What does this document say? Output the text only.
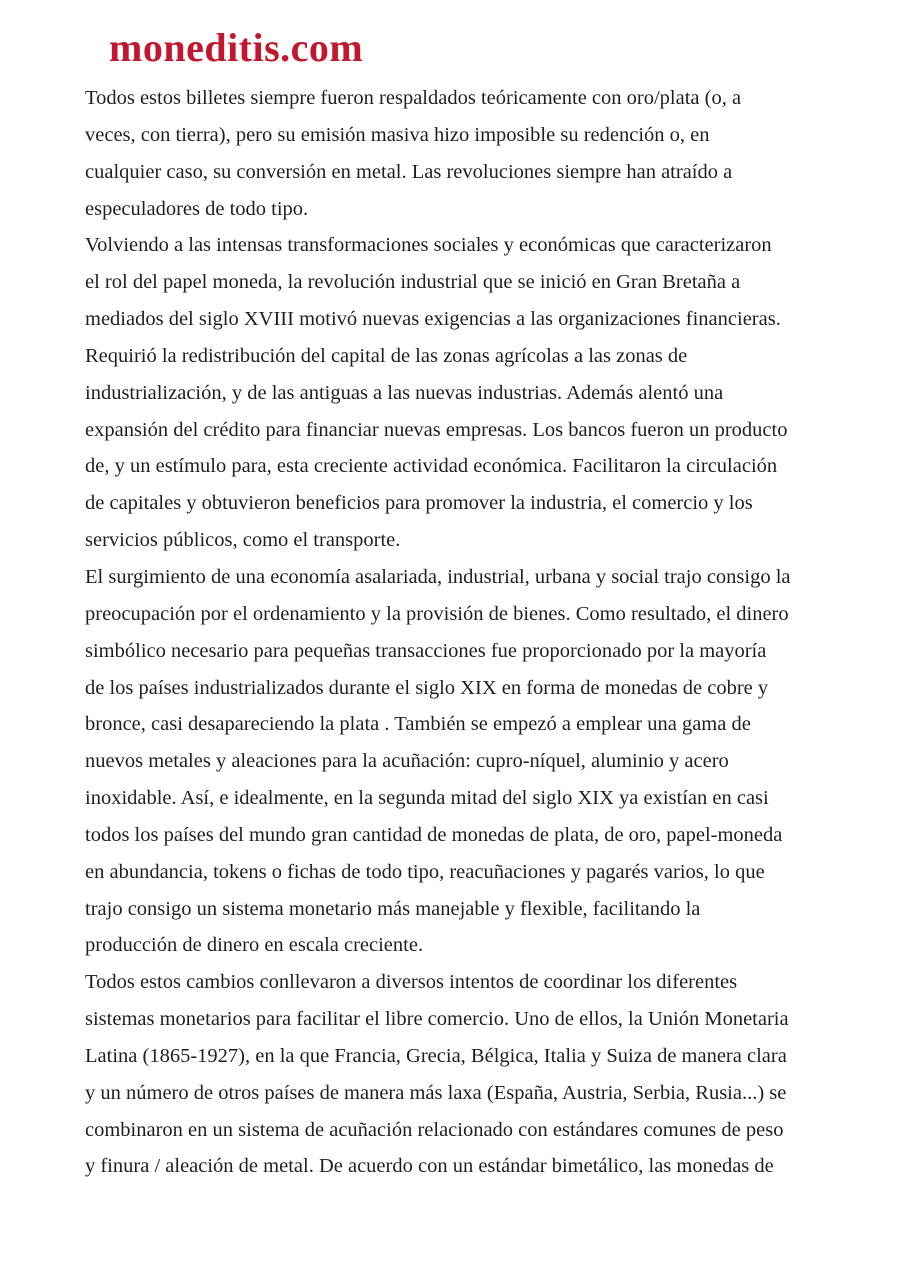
moneditis.com
Todos estos billetes siempre fueron respaldados teóricamente con oro/plata (o, a
veces, con tierra), pero su emisión masiva hizo imposible su redención o, en
cualquier caso, su conversión en metal. Las revoluciones siempre han atraído a
especuladores de todo tipo.
Volviendo a las intensas transformaciones sociales y económicas que caracterizaron
el rol del papel moneda, la revolución industrial que se inició en Gran Bretaña a
mediados del siglo XVIII motivó nuevas exigencias a las organizaciones financieras.
Requirió la redistribución del capital de las zonas agrícolas a las zonas de
industrialización, y de las antiguas a las nuevas industrias. Además alentó una
expansión del crédito para financiar nuevas empresas. Los bancos fueron un producto
de, y un estímulo para, esta creciente actividad económica. Facilitaron la circulación
de capitales y obtuvieron beneficios para promover la industria, el comercio y los
servicios públicos, como el transporte.
El surgimiento de una economía asalariada, industrial, urbana y social trajo consigo la
preocupación por el ordenamiento y la provisión de bienes. Como resultado, el dinero
simbólico necesario para pequeñas transacciones fue proporcionado por la mayoría
de los países industrializados durante el siglo XIX en forma de monedas de cobre y
bronce, casi desapareciendo la plata . También se empezó a emplear una gama de
nuevos metales y aleaciones para la acuñación: cupro-níquel, aluminio y acero
inoxidable. Así, e idealmente, en la segunda mitad del siglo XIX ya existían en casi
todos los países del mundo gran cantidad de monedas de plata, de oro, papel-moneda
en abundancia, tokens o fichas de todo tipo, reacuñaciones y pagarés varios, lo que
trajo consigo un sistema monetario más manejable y flexible, facilitando la
producción de dinero en escala creciente.
Todos estos cambios conllevaron a diversos intentos de coordinar los diferentes
sistemas monetarios para facilitar el libre comercio. Uno de ellos, la Unión Monetaria
Latina (1865-1927), en la que Francia, Grecia, Bélgica, Italia y Suiza de manera clara
y un número de otros países de manera más laxa (España, Austria, Serbia, Rusia...) se
combinaron en un sistema de acuñación relacionado con estándares comunes de peso
y finura / aleación de metal. De acuerdo con un estándar bimetálico, las monedas de
